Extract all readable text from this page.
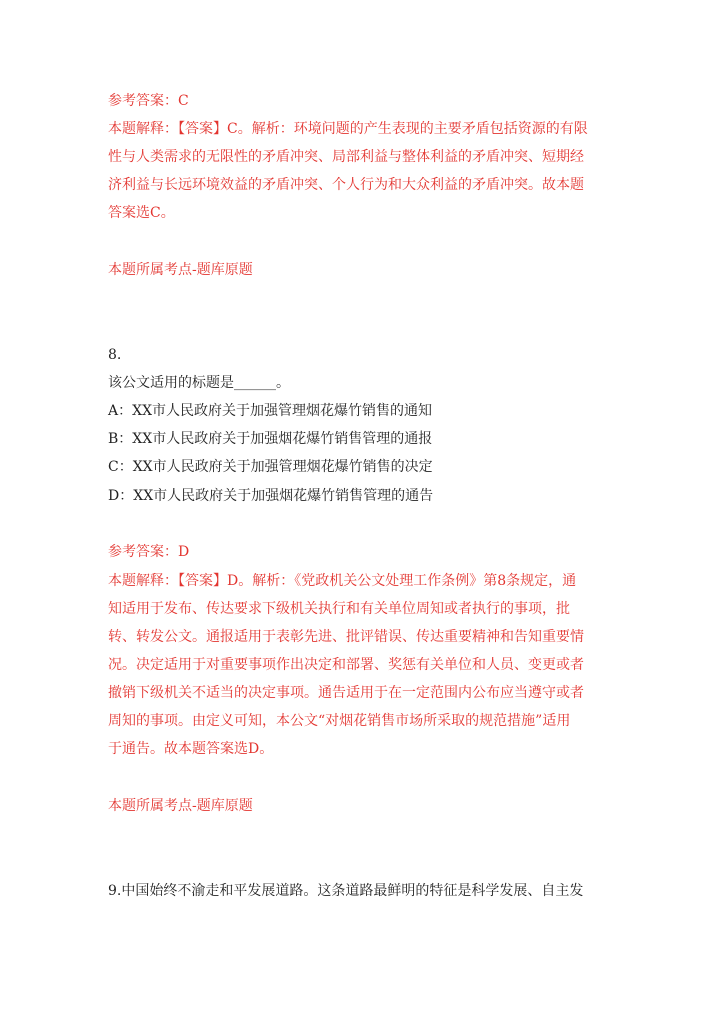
参考答案：C
本题解释：【答案】C。解析：环境问题的产生表现的主要矛盾包括资源的有限
性与人类需求的无限性的矛盾冲突、局部利益与整体利益的矛盾冲突、短期经
济利益与长远环境效益的矛盾冲突、个人行为和大众利益的矛盾冲突。故本题
答案选C。
本题所属考点-题库原题
8.
该公文适用的标题是______。
A：XX市人民政府关于加强管理烟花爆竹销售的通知
B：XX市人民政府关于加强烟花爆竹销售管理的通报
C：XX市人民政府关于加强管理烟花爆竹销售的决定
D：XX市人民政府关于加强烟花爆竹销售管理的通告
参考答案：D
本题解释：【答案】D。解析：《党政机关公文处理工作条例》第8条规定，通
知适用于发布、传达要求下级机关执行和有关单位周知或者执行的事项，批
转、转发公文。通报适用于表彰先进、批评错误、传达重要精神和告知重要情
况。决定适用于对重要事项作出决定和部署、奖惩有关单位和人员、变更或者
撤销下级机关不适当的决定事项。通告适用于在一定范围内公布应当遵守或者
周知的事项。由定义可知，本公文“对烟花销售市场所采取的规范措施”适用
于通告。故本题答案选D。
本题所属考点-题库原题
9.中国始终不渝走和平发展道路。这条道路最鲜明的特征是科学发展、自主发
